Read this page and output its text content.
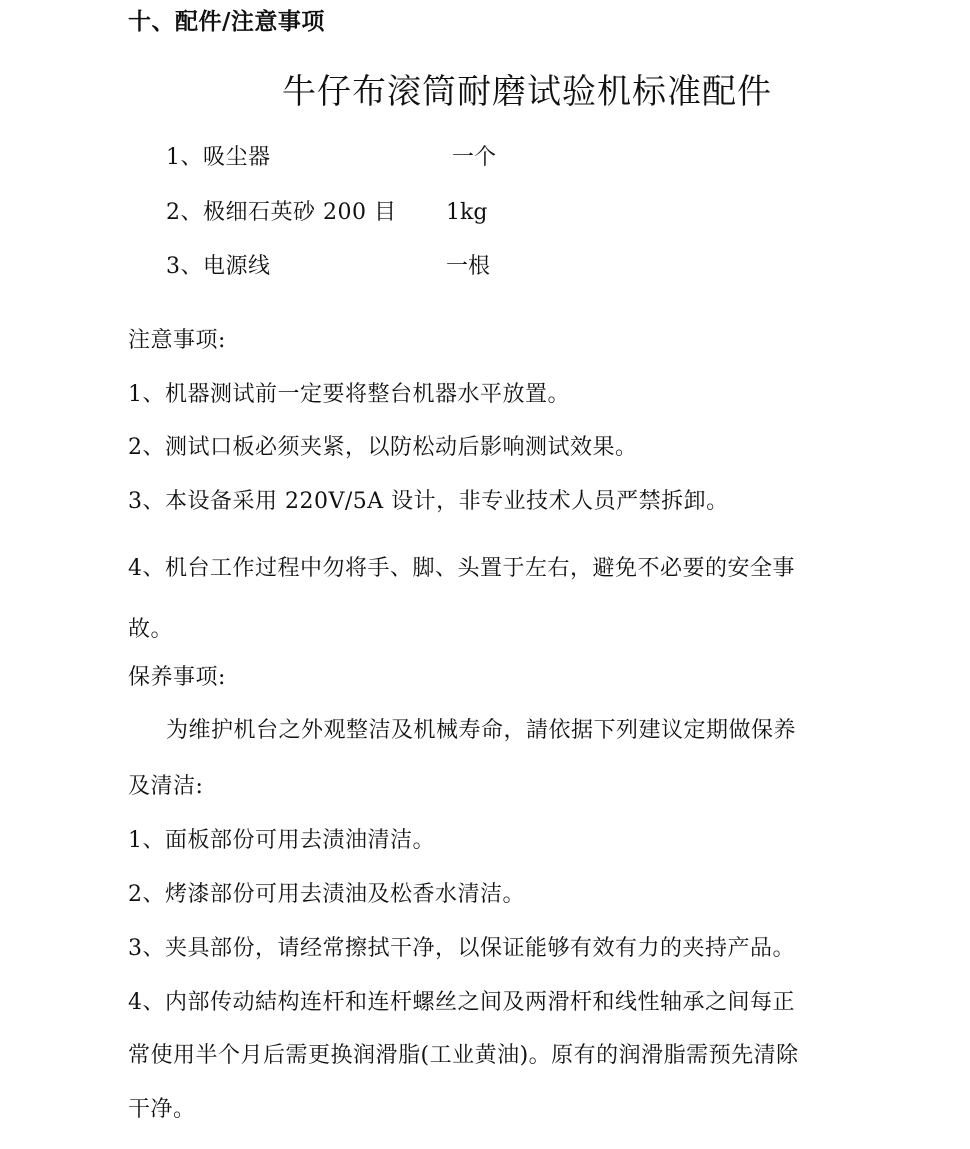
十、配件/注意事项
牛仔布滚筒耐磨试验机标准配件
1、吸尘器	一个
2、极细石英砂 200 目 1kg
3、电源线	一根
注意事项:
1、机器测试前一定要将整台机器水平放置。
2、测试口板必须夹紧，以防松动后影响测试效果。
3、本设备采用 220V/5A 设计，非专业技术人员严禁拆卸。
4、机台工作过程中勿将手、脚、头置于左右，避免不必要的安全事
故。
保养事项:
为维护机台之外观整洁及机械寿命，請依据下列建议定期做保养
及清洁:
1、面板部份可用去渍油清洁。
2、烤漆部份可用去渍油及松香水清洁。
3、夹具部份，请经常擦拭干净，以保证能够有效有力的夹持产品。
4、内部传动結构连杆和连杆螺丝之间及两滑杆和线性轴承之间每正
常使用半个月后需更换润滑脂(工业黄油)。原有的润滑脂需预先清除
干净。
